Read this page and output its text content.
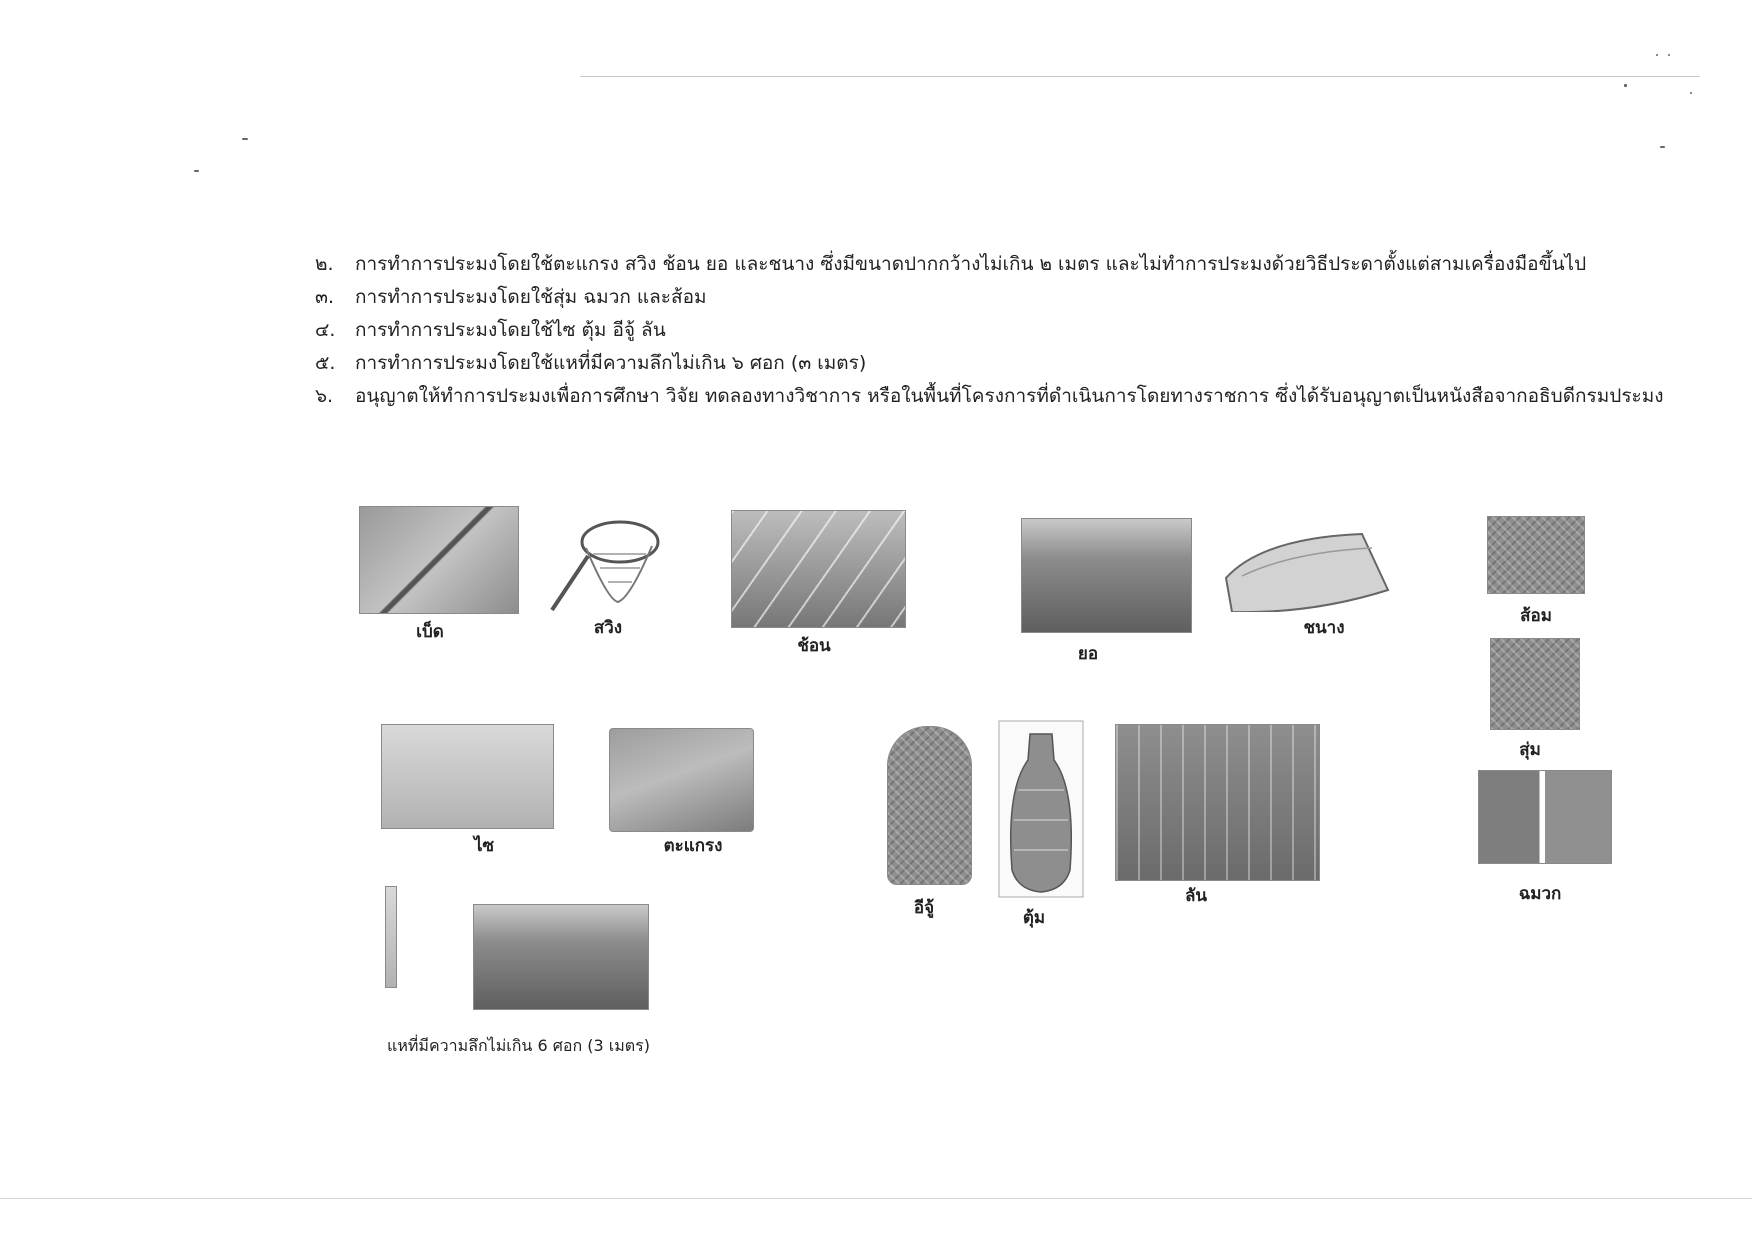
๒.	การทำการประมงโดยใช้ตะแกรง สวิง ช้อน ยอ และชนาง ซึ่งมีขนาดปากกว้างไม่เกิน ๒ เมตร และไม่ทำการประมงด้วยวิธีประดาตั้งแต่สามเครื่องมือขึ้นไป
๓.	การทำการประมงโดยใช้สุ่ม ฉมวก และส้อม
๔.	การทำการประมงโดยใช้ไซ ตุ้ม อีจู้ ลัน
๕.	การทำการประมงโดยใช้แหที่มีความลึกไม่เกิน ๖ ศอก (๓ เมตร)
๖.	อนุญาตให้ทำการประมงเพื่อการศึกษา วิจัย ทดลองทางวิชาการ หรือในพื้นที่โครงการที่ดำเนินการโดยทางราชการ ซึ่งได้รับอนุญาตเป็นหนังสือจากอธิบดีกรมประมง
เบ็ด	สวิง
ช้อน	ยอ
ชนาง
ส้อม
สุ่ม
ไซ	ตะแกรง
อีจู้	ตุ้ม
ลัน	ฉมวก
แหที่มีความลึกไม่เกิน 6 ศอก (3 เมตร)
